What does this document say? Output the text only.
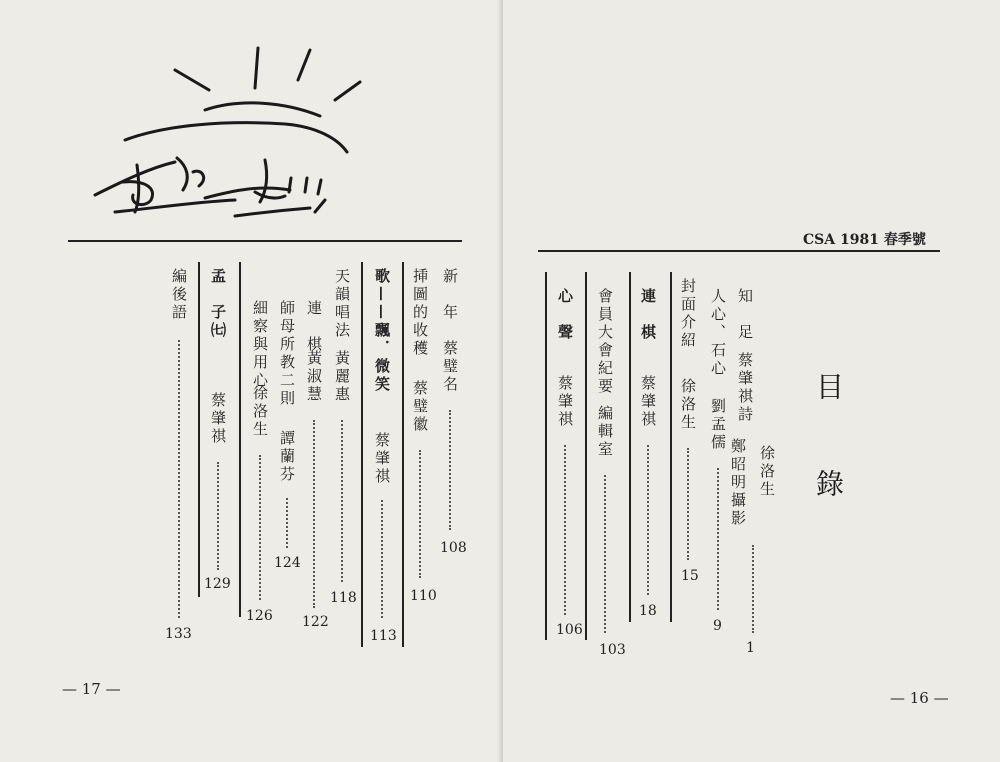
新　年
蔡璧名
108
挿圖的收穫
蔡璧徽
110
歌——飄．微笑
蔡肇祺
113
天韻唱法
黃麗惠
118
連　棋
黃淑慧
122
師母所教二則
譚蘭芬
124
細察與用心
徐洛生
126
孟　子㈦
蔡肇祺
129
編後語
133
— 17 —
CSA 1981 春季號
目 錄
知　足
蔡肇祺詩
徐洛生
人心、石心
劉孟儒
鄭昭明攝影
1
9
封面介紹
徐洛生
15
連　棋
蔡肇祺
18
會員大會紀要
編輯室
103
心　聲
蔡肇祺
106
— 16 —
